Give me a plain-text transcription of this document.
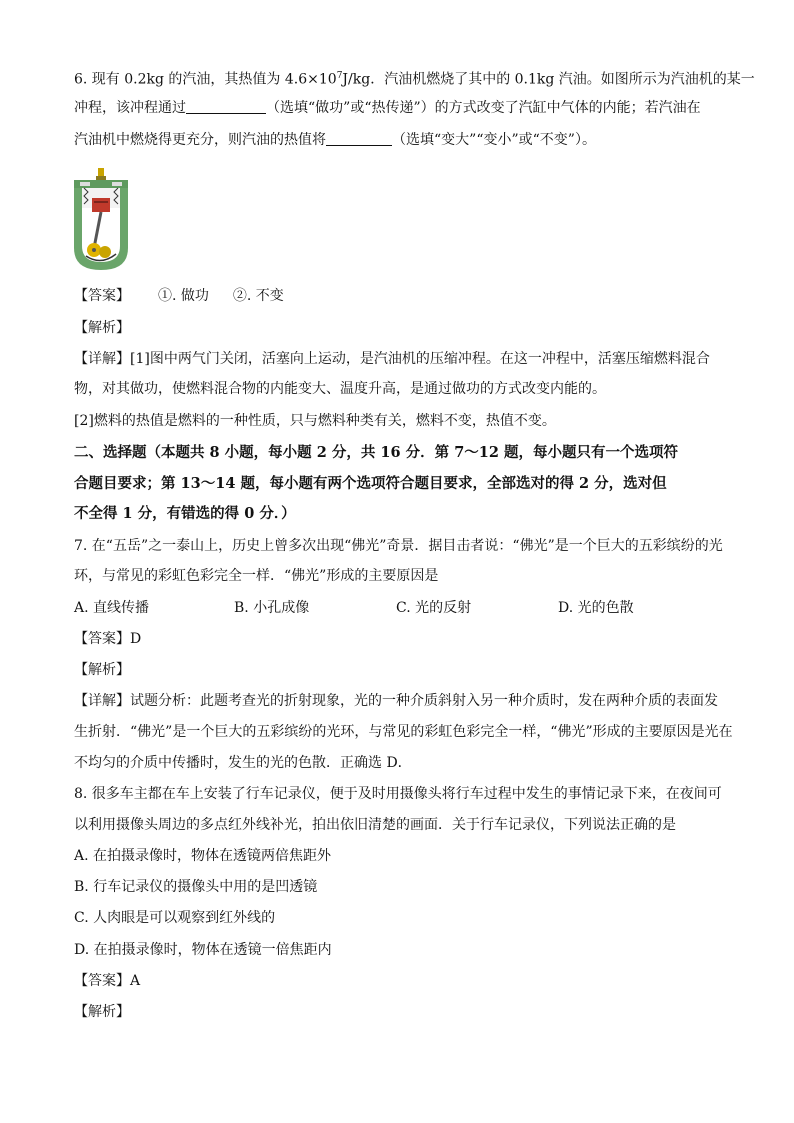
6. 现有 0.2kg 的汽油，其热值为 $4.6\times 10^7J/kg$．汽油机燃烧了其中的 0.1kg 汽油。如图所示为汽油机的某一
冲程，该冲程通过	（选填“做功”或“热传递”）的方式改变了汽缸中气体的内能；若汽油在
汽油机中燃烧得更充分，则汽油的热值将	（选填“变大”“变小”或“不变”）。
【答案】 ①. 做功 ②. 不变
【解析】
【详解】[1]图中两气门关闭，活塞向上运动，是汽油机的压缩冲程。在这一冲程中，活塞压缩燃料混合
物，对其做功，使燃料混合物的内能变大、温度升高，是通过做功的方式改变内能的。
[2]燃料的热值是燃料的一种性质，只与燃料种类有关，燃料不变，热值不变。
二、选择题（本题共 8 小题，每小题 2 分，共 16 分．第 7～12 题，每小题只有一个选项符
合题目要求；第 13～14 题，每小题有两个选项符合题目要求，全部选对的得 2 分，选对但
不全得 1 分，有错选的得 0 分．）
7. 在“五岳”之一泰山上，历史上曾多次出现“佛光”奇景．据目击者说：“佛光”是一个巨大的五彩缤纷的光
环，与常见的彩虹色彩完全一样．“佛光”形成的主要原因是
A. 直线传播	B. 小孔成像	C. 光的反射	D. 光的色散
【答案】D
【解析】
【详解】试题分析：此题考查光的折射现象，光的一种介质斜射入另一种介质时，发在两种介质的表面发
生折射．“佛光”是一个巨大的五彩缤纷的光环，与常见的彩虹色彩完全一样，“佛光”形成的主要原因是光在
不均匀的介质中传播时，发生的光的色散．正确选 D．
8. 很多车主都在车上安装了行车记录仪，便于及时用摄像头将行车过程中发生的事情记录下来，在夜间可
以利用摄像头周边的多点红外线补光，拍出依旧清楚的画面．关于行车记录仪，下列说法正确的是
A. 在拍摄录像时，物体在透镜两倍焦距外
B. 行车记录仪的摄像头中用的是凹透镜
C. 人肉眼是可以观察到红外线的
D. 在拍摄录像时，物体在透镜一倍焦距内
【答案】A
【解析】
